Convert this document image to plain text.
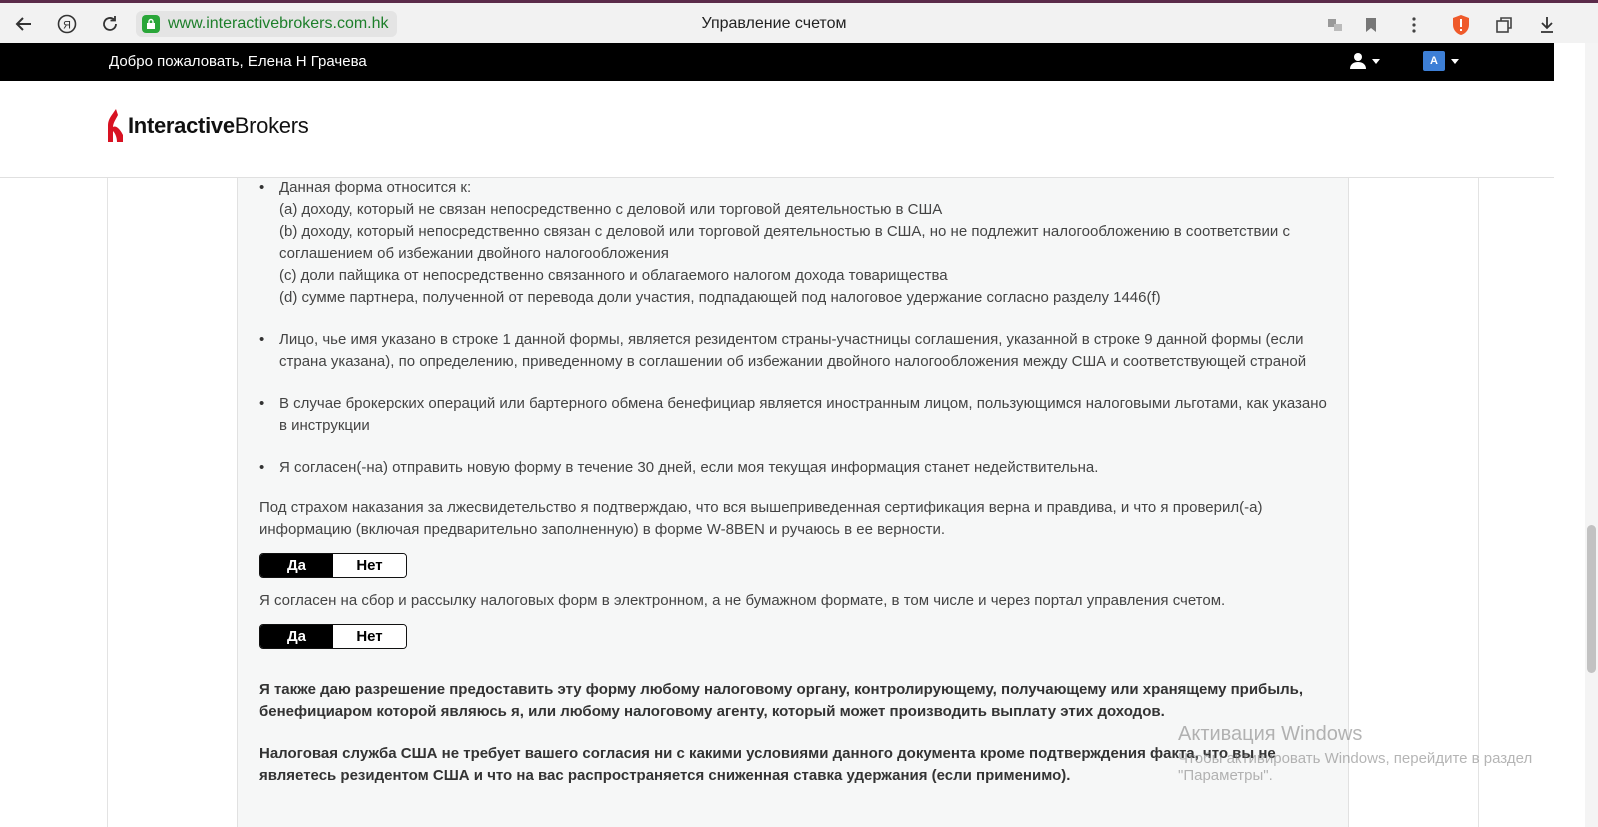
Я	www.interactivebrokers.com.hk	Управление счетом
Добро пожаловать, Елена Н Грачева	A
InteractiveBrokers
• Данная форма относится к:
(a) доходу, который не связан непосредственно с деловой или торговой деятельностью в США
(b) доходу, который непосредственно связан с деловой или торговой деятельностью в США, но не подлежит налогообложению в соответствии с соглашением об избежании двойного налогообложения
(c) доли пайщика от непосредственно связанного и облагаемого налогом дохода товарищества
(d) сумме партнера, полученной от перевода доли участия, подпадающей под налоговое удержание согласно разделу 1446(f)
• Лицо, чье имя указано в строке 1 данной формы, является резидентом страны-участницы соглашения, указанной в строке 9 данной формы (если страна указана), по определению, приведенному в соглашении об избежании двойного налогообложения между США и соответствующей страной
• В случае брокерских операций или бартерного обмена бенефициар является иностранным лицом, пользующимся налоговыми льготами, как указано в инструкции
• Я согласен(-на) отправить новую форму в течение 30 дней, если моя текущая информация станет недействительна.

Под страхом наказания за лжесвидетельство я подтверждаю, что вся вышеприведенная сертификация верна и правдива, и что я проверил(-а) информацию (включая предварительно заполненную) в форме W-8BEN и ручаюсь в ее верности.

Да	Нет

Я согласен на сбор и рассылку налоговых форм в электронном, а не бумажном формате, в том числе и через портал управления счетом.

Да	Нет

Я также даю разрешение предоставить эту форму любому налоговому органу, контролирующему, получающему или хранящему прибыль, бенефициаром которой являюсь я, или любому налоговому агенту, который может производить выплату этих доходов.

Налоговая служба США не требует вашего согласия ни с какими условиями данного документа кроме подтверждения факта, что вы не являетесь резидентом США и что на вас распространяется сниженная ставка удержания (если применимо).

Активация Windows
Чтобы активировать Windows, перейдите в раздел
"Параметры".
